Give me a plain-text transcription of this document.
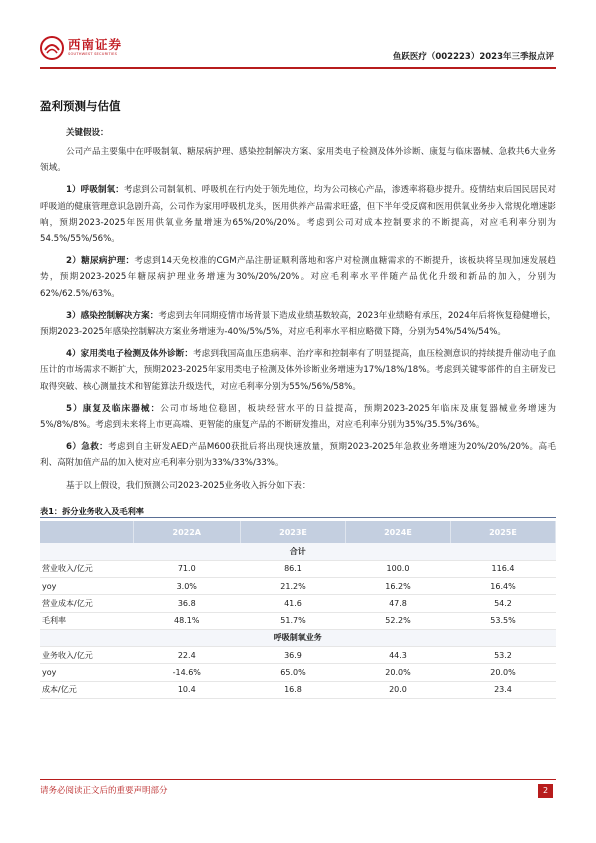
西南证券
SOUTHWEST SECURITIES	鱼跃医疗（002223）2023年三季报点评
盈利预测与估值
关键假设：

公司产品主要集中在呼吸制氧、糖尿病护理、感染控制解决方案、家用类电子检测及体外诊断、康复与临床器械、急救共6大业务领域。

1）呼吸制氧：考虑到公司制氧机、呼吸机在行内处于领先地位，均为公司核心产品，渗透率将稳步提升。疫情结束后国民居民对呼吸道的健康管理意识急剧升高，公司作为家用呼吸机龙头，医用供养产品需求旺盛，但下半年受反腐和医用供氧业务步入常规化增速影响，预期2023-2025年医用供氧业务量增速为65%/20%/20%。考虑到公司对成本控制要求的不断提高，对应毛利率分别为54.5%/55%/56%。

2）糖尿病护理：考虑到14天免校准的CGM产品注册证顺利落地和客户对检测血糖需求的不断提升，该板块将呈现加速发展趋势，预期2023-2025年糖尿病护理业务增速为30%/20%/20%。对应毛利率水平伴随产品优化升级和新品的加入，分别为62%/62.5%/63%。

3）感染控制解决方案：考虑到去年同期疫情市场背景下造成业绩基数较高，2023年业绩略有承压，2024年后将恢复稳健增长，预期2023-2025年感染控制解决方案业务增速为-40%/5%/5%，对应毛利率水平相应略微下降，分别为54%/54%/54%。

4）家用类电子检测及体外诊断：考虑到我国高血压患病率、治疗率和控制率有了明显提高，血压检测意识的持续提升催动电子血压计的市场需求不断扩大，预期2023-2025年家用类电子检测及体外诊断业务增速为17%/18%/18%。考虑到关键零部件的自主研发已取得突破、核心测量技术和智能算法升级迭代，对应毛利率分别为55%/56%/58%。

5）康复及临床器械：公司市场地位稳固，板块经营水平的日益提高，预期2023-2025年临床及康复器械业务增速为5%/8%/8%。考虑到未来将上市更高端、更智能的康复产品的不断研发推出，对应毛利率分别为35%/35.5%/36%。

6）急救：考虑到自主研发AED产品M600获批后将出现快速放量，预期2023-2025年急救业务增速为20%/20%/20%。高毛利、高附加值产品的加入使对应毛利率分别为33%/33%/33%。

基于以上假设，我们预测公司2023-2025业务收入拆分如下表：

表1：拆分业务收入及毛利率
	2022A	2023E	2024E	2025E
合计				
营业收入/亿元	71.0	86.1	100.0	116.4
yoy	3.0%	21.2%	16.2%	16.4%
营业成本/亿元	36.8	41.6	47.8	54.2
毛利率	48.1%	51.7%	52.2%	53.5%
呼吸制氧业务				
业务收入/亿元	22.4	36.9	44.3	53.2
yoy	-14.6%	65.0%	20.0%	20.0%
成本/亿元	10.4	16.8	20.0	23.4
请务必阅读正文后的重要声明部分	2
